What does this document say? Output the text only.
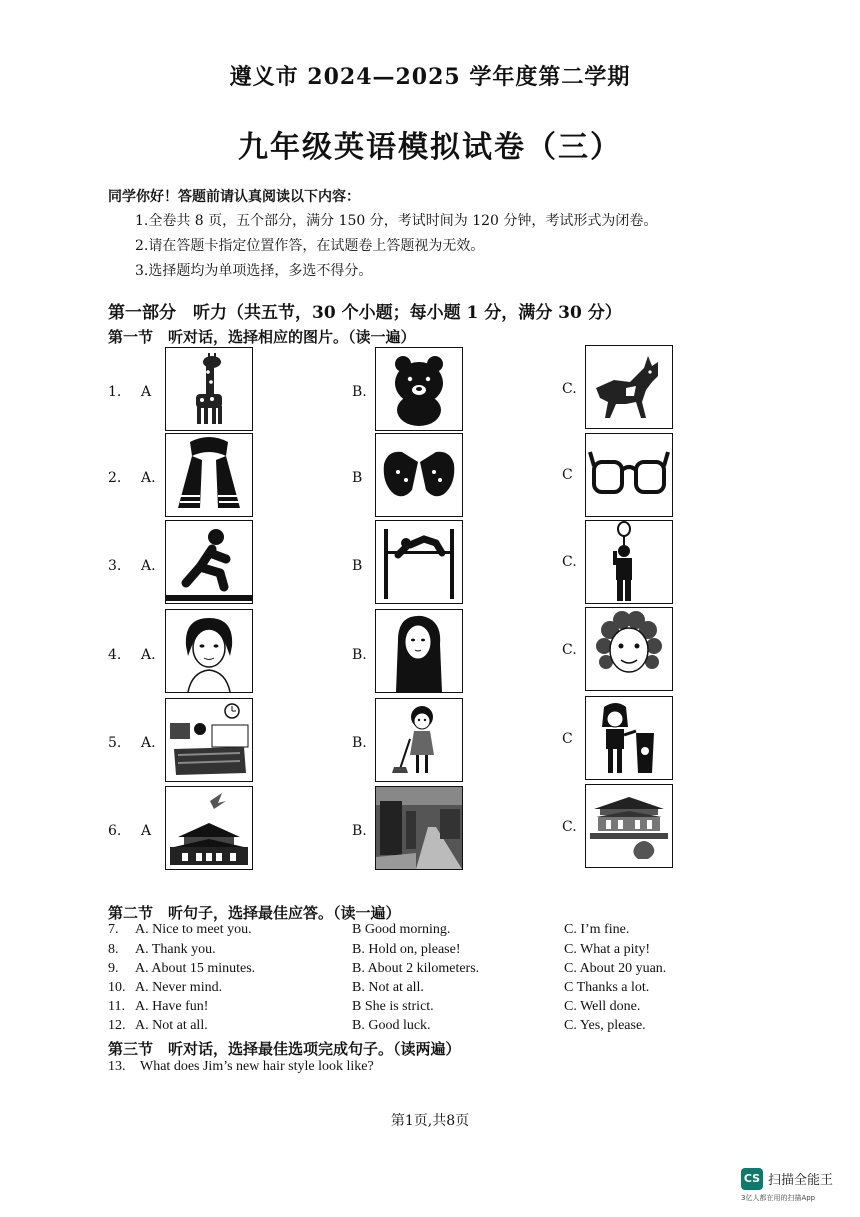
遵义市 2024—2025 学年度第二学期
九年级英语模拟试卷（三）
同学你好！答题前请认真阅读以下内容：
1.全卷共 8 页，五个部分，满分 150 分，考试时间为 120 分钟，考试形式为闭卷。
2.请在答题卡指定位置作答，在试题卷上答题视为无效。
3.选择题均为单项选择，多选不得分。
第一部分　听力（共五节，30 个小题；每小题 1 分，满分 30 分）
第一节　听对话，选择相应的图片。（读一遍）
1. A	B.	C.
2. A.	B	C
3. A.	B	C.
4. A.	B.	C.
5. A.	B.	C
6. A	B.	C.
第二节　听句子，选择最佳应答。（读一遍）
7. A. Nice to meet you.	B Good morning.	C. I’m fine.
8. A. Thank you.	B. Hold on, please!	C. What a pity!
9. A. About 15 minutes.	B. About 2 kilometers.	C. About 20 yuan.
10. A. Never mind.	B. Not at all.	C Thanks a lot.
11. A. Have fun!	B She is strict.	C. Well done.
12. A. Not at all.	B. Good luck.	C. Yes, please.
第三节　听对话，选择最佳选项完成句子。（读两遍）
13. What does Jim’s new hair style look like?
第1页,共8页
CS 扫描全能王
3亿人都在用的扫描App
